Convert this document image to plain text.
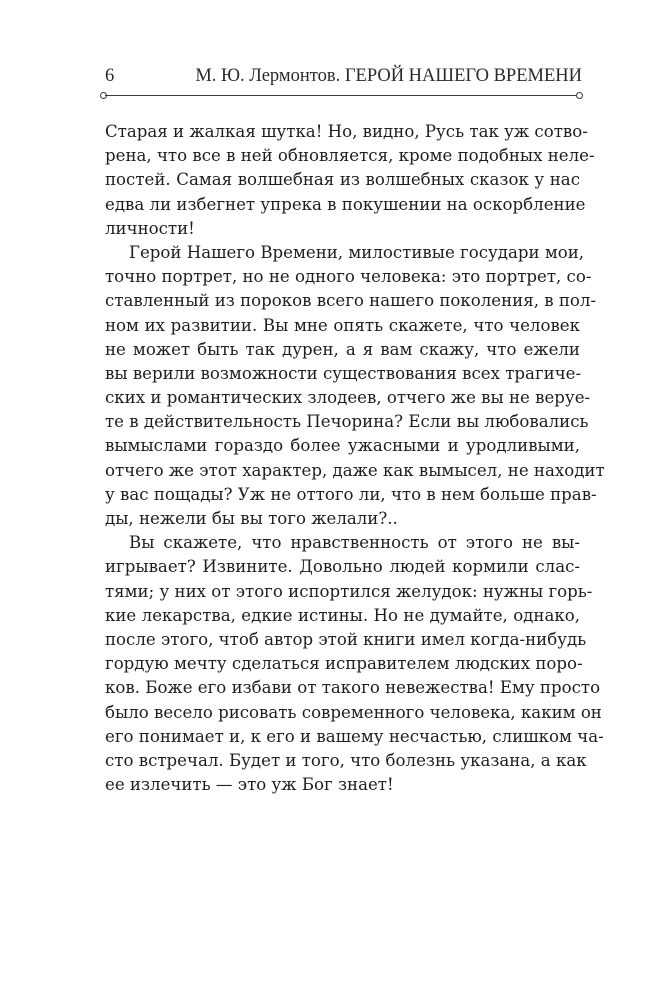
6	М. Ю. Лермонтов. ГЕРОЙ НАШЕГО ВРЕМЕНИ
Старая и жалкая шутка! Но, видно, Русь так уж сотво-
рена, что все в ней обновляется, кроме подобных неле-
постей. Самая волшебная из волшебных сказок у нас
едва ли избегнет упрека в покушении на оскорбление
личности!
Герой Нашего Времени, милостивые государи мои,
точно портрет, но не одного человека: это портрет, со-
ставленный из пороков всего нашего поколения, в пол-
ном их развитии. Вы мне опять скажете, что человек
не может быть так дурен, а я вам скажу, что ежели
вы верили возможности существования всех трагиче-
ских и романтических злодеев, отчего же вы не веруе-
те в действительность Печорина? Если вы любовались
вымыслами гораздо более ужасными и уродливыми,
отчего же этот характер, даже как вымысел, не находит
у вас пощады? Уж не оттого ли, что в нем больше прав-
ды, нежели бы вы того желали?..
Вы скажете, что нравственность от этого не вы-
игрывает? Извините. Довольно людей кормили слас-
тями; у них от этого испортился желудок: нужны горь-
кие лекарства, едкие истины. Но не думайте, однако,
после этого, чтоб автор этой книги имел когда-нибудь
гордую мечту сделаться исправителем людских поро-
ков. Боже его избави от такого невежества! Ему просто
было весело рисовать современного человека, каким он
его понимает и, к его и вашему несчастью, слишком ча-
сто встречал. Будет и того, что болезнь указана, а как
ее излечить — это уж Бог знает!
